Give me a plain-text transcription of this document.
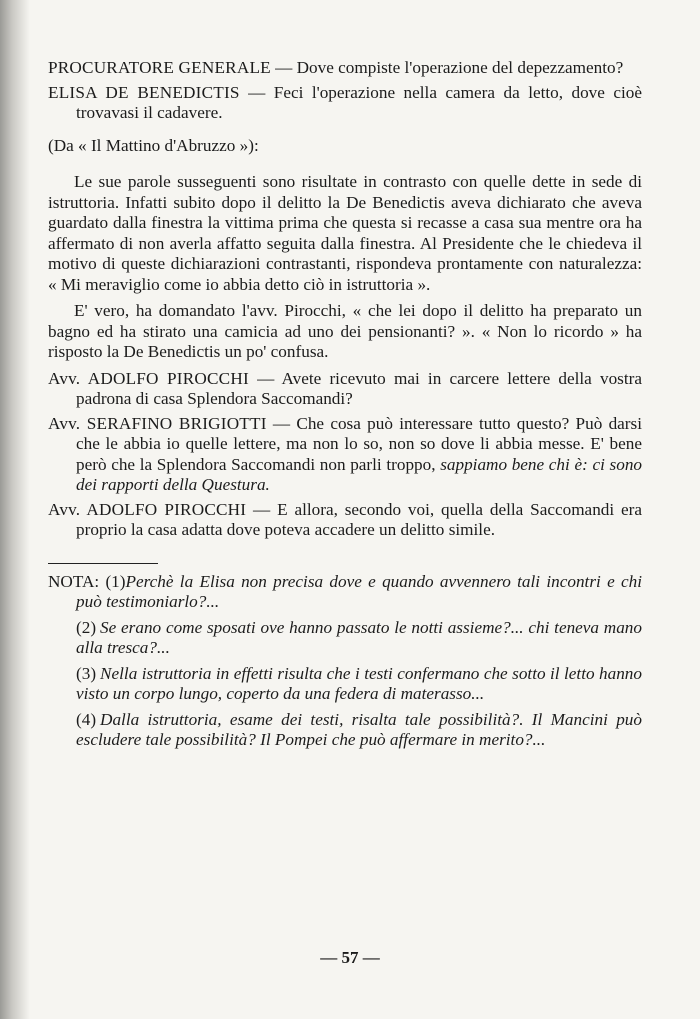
PROCURATORE GENERALE — Dove compiste l'operazione del depezzamento?

ELISA DE BENEDICTIS — Feci l'operazione nella camera da letto, dove cioè trovavasi il cadavere.

(Da « Il Mattino d'Abruzzo »):

Le sue parole susseguenti sono risultate in contrasto con quelle dette in sede di istruttoria. Infatti subito dopo il delitto la De Benedictis aveva dichiarato che aveva guardato dalla finestra la vittima prima che questa si recasse a casa sua mentre ora ha affermato di non averla affatto seguita dalla finestra. Al Presidente che le chiedeva il motivo di queste dichiarazioni contrastanti, rispondeva prontamente con naturalezza: « Mi meraviglio come io abbia detto ciò in istruttoria ».

E' vero, ha domandato l'avv. Pirocchi, « che lei dopo il delitto ha preparato un bagno ed ha stirato una camicia ad uno dei pensionanti? ». « Non lo ricordo » ha risposto la De Benedictis un po' confusa.

Avv. ADOLFO PIROCCHI — Avete ricevuto mai in carcere lettere della vostra padrona di casa Splendora Saccomandi?

Avv. SERAFINO BRIGIOTTI — Che cosa può interessare tutto questo? Può darsi che le abbia io quelle lettere, ma non lo so, non so dove li abbia messe. E' bene però che la Splendora Saccomandi non parli troppo, sappiamo bene chi è: ci sono dei rapporti della Questura.

Avv. ADOLFO PIROCCHI — E allora, secondo voi, quella della Saccomandi era proprio la casa adatta dove poteva accadere un delitto simile.

NOTA: (1)Perchè la Elisa non precisa dove e quando avvennero tali incontri e chi può testimoniarlo?...

(2) Se erano come sposati ove hanno passato le notti assieme?... chi teneva mano alla tresca?...

(3) Nella istruttoria in effetti risulta che i testi confermano che sotto il letto hanno visto un corpo lungo, coperto da una federa di materasso...

(4) Dalla istruttoria, esame dei testi, risalta tale possibilità?. Il Mancini può escludere tale possibilità? Il Pompei che può affermare in merito?...

— 57 —
